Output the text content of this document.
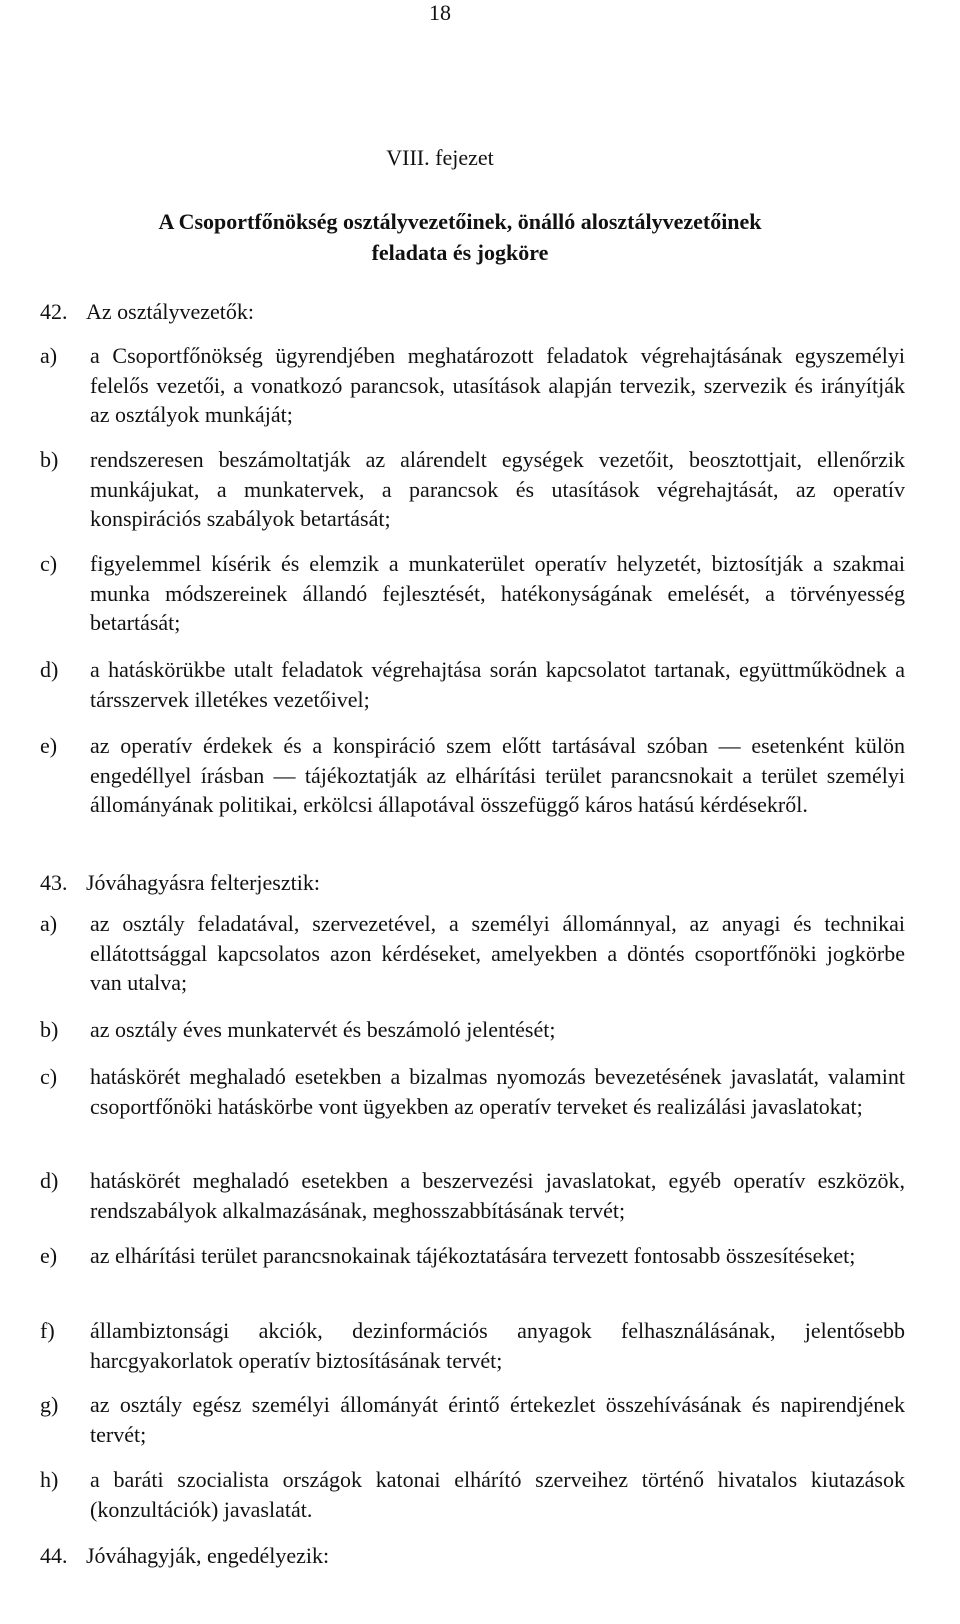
18
VIII. fejezet
A Csoportfőnökség osztályvezetőinek, önálló alosztályvezetőinek
feladata és jogköre
42. Az osztályvezetők:
a)	a Csoportfőnökség ügyrendjében meghatározott feladatok végrehajtásának egyszemélyi felelős vezetői, a vonatkozó parancsok, utasítások alapján tervezik, szervezik és irányítják az osztályok munkáját;
b)	rendszeresen beszámoltatják az alárendelt egységek vezetőit, beosztottjait, ellenőrzik munkájukat, a munkatervek, a parancsok és utasítások végrehajtását, az operatív konspirációs szabályok betartását;
c)	figyelemmel kísérik és elemzik a munkaterület operatív helyzetét, biztosítják a szakmai munka módszereinek állandó fejlesztését, hatékonyságának emelését, a törvényesség betartását;
d)	a hatáskörükbe utalt feladatok végrehajtása során kapcsolatot tartanak, együttműködnek a társszervek illetékes vezetőivel;
e)	az operatív érdekek és a konspiráció szem előtt tartásával szóban — esetenként külön engedéllyel írásban — tájékoztatják az elhárítási terület parancsnokait a terület személyi állományának politikai, erkölcsi állapotával összefüggő káros hatású kérdésekről.
43. Jóváhagyásra felterjesztik:
a)	az osztály feladatával, szervezetével, a személyi állománnyal, az anyagi és technikai ellátottsággal kapcsolatos azon kérdéseket, amelyekben a döntés csoportfőnöki jogkörbe van utalva;
b)	az osztály éves munkatervét és beszámoló jelentését;
c)	hatáskörét meghaladó esetekben a bizalmas nyomozás bevezetésének javaslatát, valamint csoportfőnöki hatáskörbe vont ügyekben az operatív terveket és realizálási javaslatokat;
d)	hatáskörét meghaladó esetekben a beszervezési javaslatokat, egyéb operatív eszközök, rendszabályok alkalmazásának, meghosszabbításának tervét;
e)	az elhárítási terület parancsnokainak tájékoztatására tervezett fontosabb összesítéseket;
f)	állambiztonsági akciók, dezinformációs anyagok felhasználásának, jelentősebb harcgyakorlatok operatív biztosításának tervét;
g)	az osztály egész személyi állományát érintő értekezlet összehívásának és napirendjének tervét;
h)	a baráti szocialista országok katonai elhárító szerveihez történő hivatalos kiutazások (konzultációk) javaslatát.
44. Jóváhagyják, engedélyezik:
